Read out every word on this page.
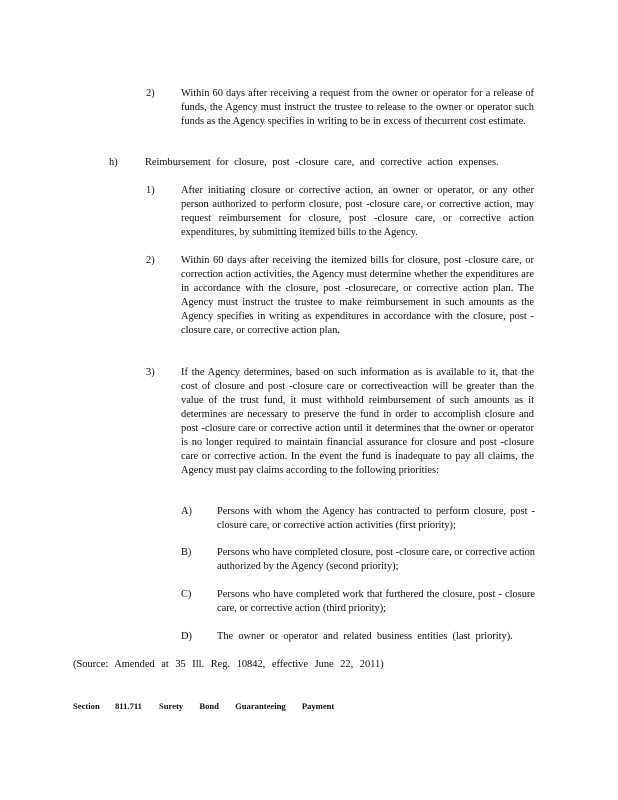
2)	Within 60 days after receiving a request from the owner or operator for a release of funds, the Agency must instruct the trustee to release to the owner or operator such funds as the Agency specifies in writing to be in excess of thecurrent cost estimate.
h)	Reimbursement for closure, post -closure care, and corrective action expenses.
1)	After initiating closure or corrective action, an owner or operator, or any other person authorized to perform closure, post -closure care, or corrective action, may request reimbursement for closure, post -closure care, or corrective action expenditures, by submitting itemized bills to the Agency.
2)	Within 60 days after receiving the itemized bills for closure, post -closure care, or correction action activities, the Agency must determine whether the expenditures are in accordance with the closure, post -closurecare, or corrective action plan. The Agency must instruct the trustee to make reimbursement in such amounts as the Agency specifies in writing as expenditures in accordance with the closure, post -closure care, or corrective action plan.
3)	If the Agency determines, based on such information as is available to it, that the cost of closure and post -closure care or correctiveaction will be greater than the value of the trust fund, it must withhold reimbursement of such amounts as it determines are necessary to preserve the fund in order to accomplish closure and post -closure care or corrective action until it determines that the owner or operator is no longer required to maintain financial assurance for closure and post -closure care or corrective action. In the event the fund is inadequate to pay all claims, the Agency must pay claims according to the following priorities:
A) Persons with whom the Agency has contracted to perform closure, post -closure care, or corrective action activities (first priority);
B) Persons who have completed closure, post -closure care, or corrective action authorized by the Agency (second priority);
C) Persons who have completed work that furthered the closure, post - closure care, or corrective action (third priority);
D) The owner or operator and related business entities (last priority).
(Source: Amended at 35 Ill. Reg. 10842, effective June 22, 2011)
Section 811.711 Surety Bond Guaranteeing Payment
